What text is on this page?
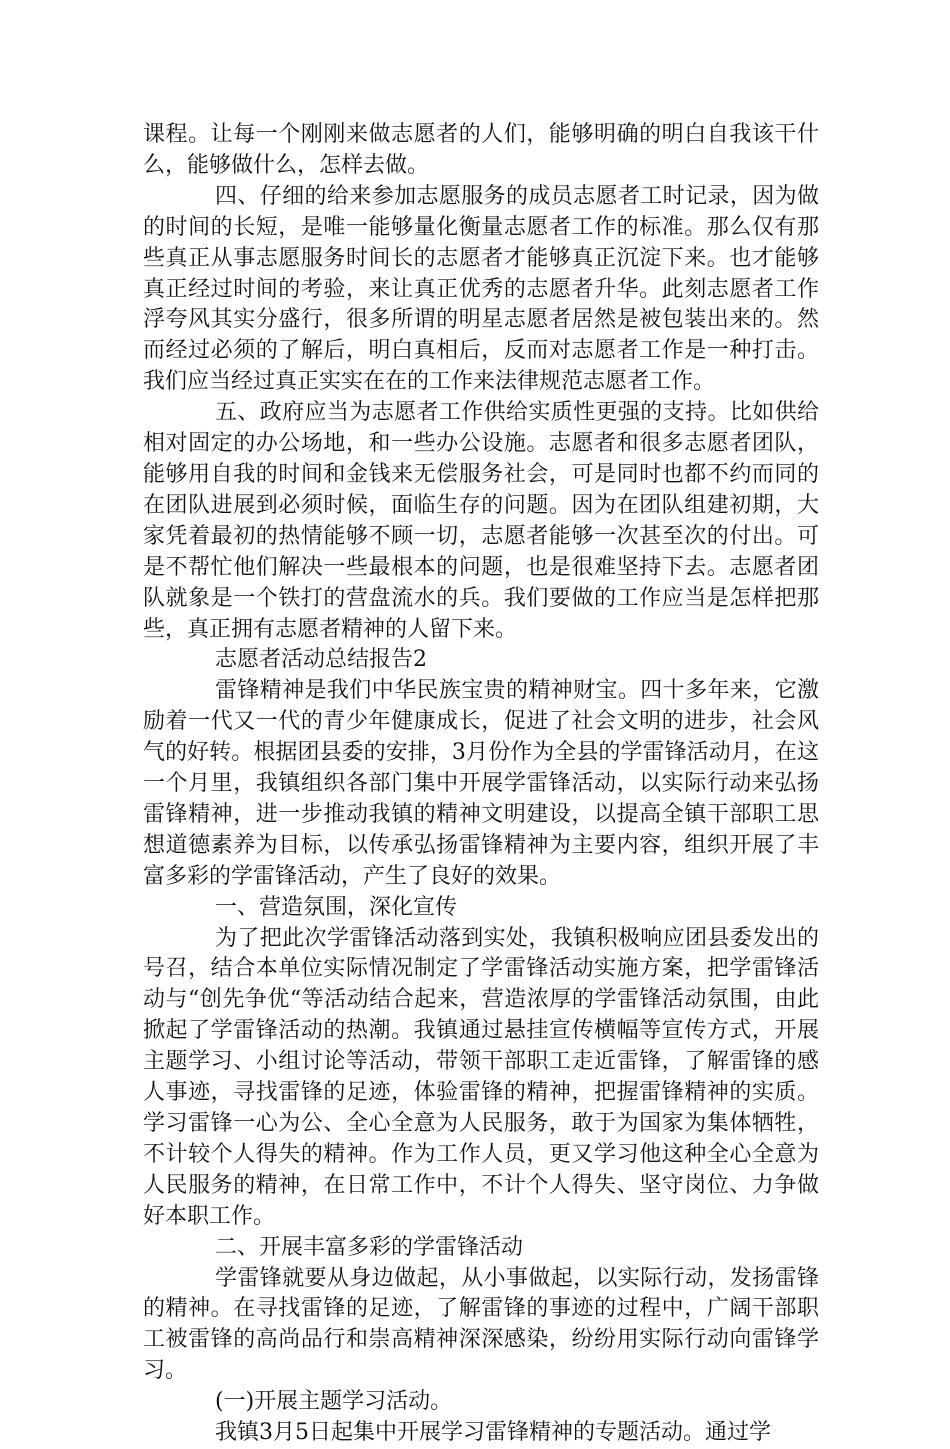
课程。让每一个刚刚来做志愿者的人们，能够明确的明白自我该干什么，能够做什么，怎样去做。

四、仔细的给来参加志愿服务的成员志愿者工时记录，因为做的时间的长短，是唯一能够量化衡量志愿者工作的标准。那么仅有那些真正从事志愿服务时间长的志愿者才能够真正沉淀下来。也才能够真正经过时间的考验，来让真正优秀的志愿者升华。此刻志愿者工作浮夸风其实分盛行，很多所谓的明星志愿者居然是被包装出来的。然而经过必须的了解后，明白真相后，反而对志愿者工作是一种打击。我们应当经过真正实实在在的工作来法律规范志愿者工作。

五、政府应当为志愿者工作供给实质性更强的支持。比如供给相对固定的办公场地，和一些办公设施。志愿者和很多志愿者团队，能够用自我的时间和金钱来无偿服务社会，可是同时也都不约而同的在团队进展到必须时候，面临生存的问题。因为在团队组建初期，大家凭着最初的热情能够不顾一切，志愿者能够一次甚至次的付出。可是不帮忙他们解决一些最根本的问题，也是很难坚持下去。志愿者团队就象是一个铁打的营盘流水的兵。我们要做的工作应当是怎样把那些，真正拥有志愿者精神的人留下来。

志愿者活动总结报告2

雷锋精神是我们中华民族宝贵的精神财宝。四十多年来，它激励着一代又一代的青少年健康成长，促进了社会文明的进步，社会风气的好转。根据团县委的安排，3月份作为全县的学雷锋活动月，在这一个月里，我镇组织各部门集中开展学雷锋活动，以实际行动来弘扬雷锋精神，进一步推动我镇的精神文明建设，以提高全镇干部职工思想道德素养为目标，以传承弘扬雷锋精神为主要内容，组织开展了丰富多彩的学雷锋活动，产生了良好的效果。

一、营造氛围，深化宣传

为了把此次学雷锋活动落到实处，我镇积极响应团县委发出的号召，结合本单位实际情况制定了学雷锋活动实施方案，把学雷锋活动与“创先争优“等活动结合起来，营造浓厚的学雷锋活动氛围，由此掀起了学雷锋活动的热潮。我镇通过悬挂宣传横幅等宣传方式，开展主题学习、小组讨论等活动，带领干部职工走近雷锋，了解雷锋的感人事迹，寻找雷锋的足迹，体验雷锋的精神，把握雷锋精神的实质。学习雷锋一心为公、全心全意为人民服务，敢于为国家为集体牺牲，不计较个人得失的精神。作为工作人员，更又学习他这种全心全意为人民服务的精神，在日常工作中，不计个人得失、坚守岗位、力争做好本职工作。

二、开展丰富多彩的学雷锋活动

学雷锋就要从身边做起，从小事做起，以实际行动，发扬雷锋的精神。在寻找雷锋的足迹，了解雷锋的事迹的过程中，广阔干部职工被雷锋的高尚品行和崇高精神深深感染，纷纷用实际行动向雷锋学习。

(一)开展主题学习活动。

我镇3月5日起集中开展学习雷锋精神的专题活动。通过学
